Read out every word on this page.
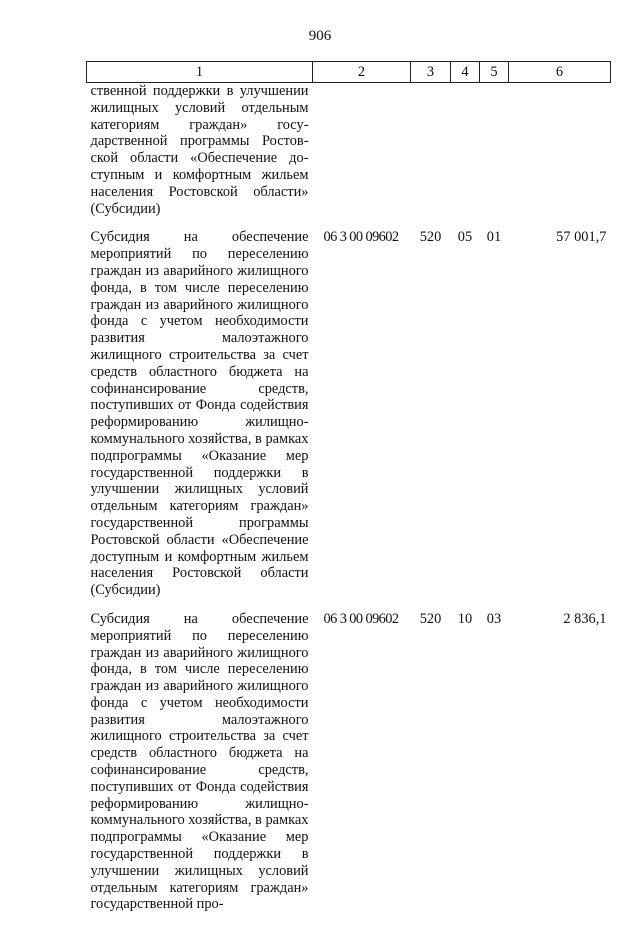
906
1	2	3	4	5	6
ственной поддержки в улучшении жилищных условий отдельным категориям граждан» государственной программы Ростовской области «Обеспечение доступным и комфортным жильем населения Ростовской области» (Субсидии)					
Субсидия на обеспечение мероприятий по переселению граждан из аварийного жилищного фонда, в том числе переселению граждан из аварийного жилищного фонда с учетом необходимости развития малоэтажного жилищного строительства за счет средств областного бюджета на софинансирование средств, поступивших от Фонда содействия реформированию жилищно-коммунального хозяйства, в рамках подпрограммы «Оказание мер государственной поддержки в улучшении жилищных условий отдельным категориям граждан» государственной программы Ростовской области «Обеспечение доступным и комфортным жильем населения Ростовской области (Субсидии)	06 3 00 09602	520	05	01	57 001,7
Субсидия на обеспечение мероприятий по переселению граждан из аварийного жилищного фонда, в том числе переселению граждан из аварийного жилищного фонда с учетом необходимости развития малоэтажного жилищного строительства за счет средств областного бюджета на софинансирование средств, поступивших от Фонда содействия реформированию жилищно-коммунального хозяйства, в рамках подпрограммы «Оказание мер государственной поддержки в улучшении жилищных условий отдельным категориям граждан» государственной про-	06 3 00 09602	520	10	03	2 836,1
